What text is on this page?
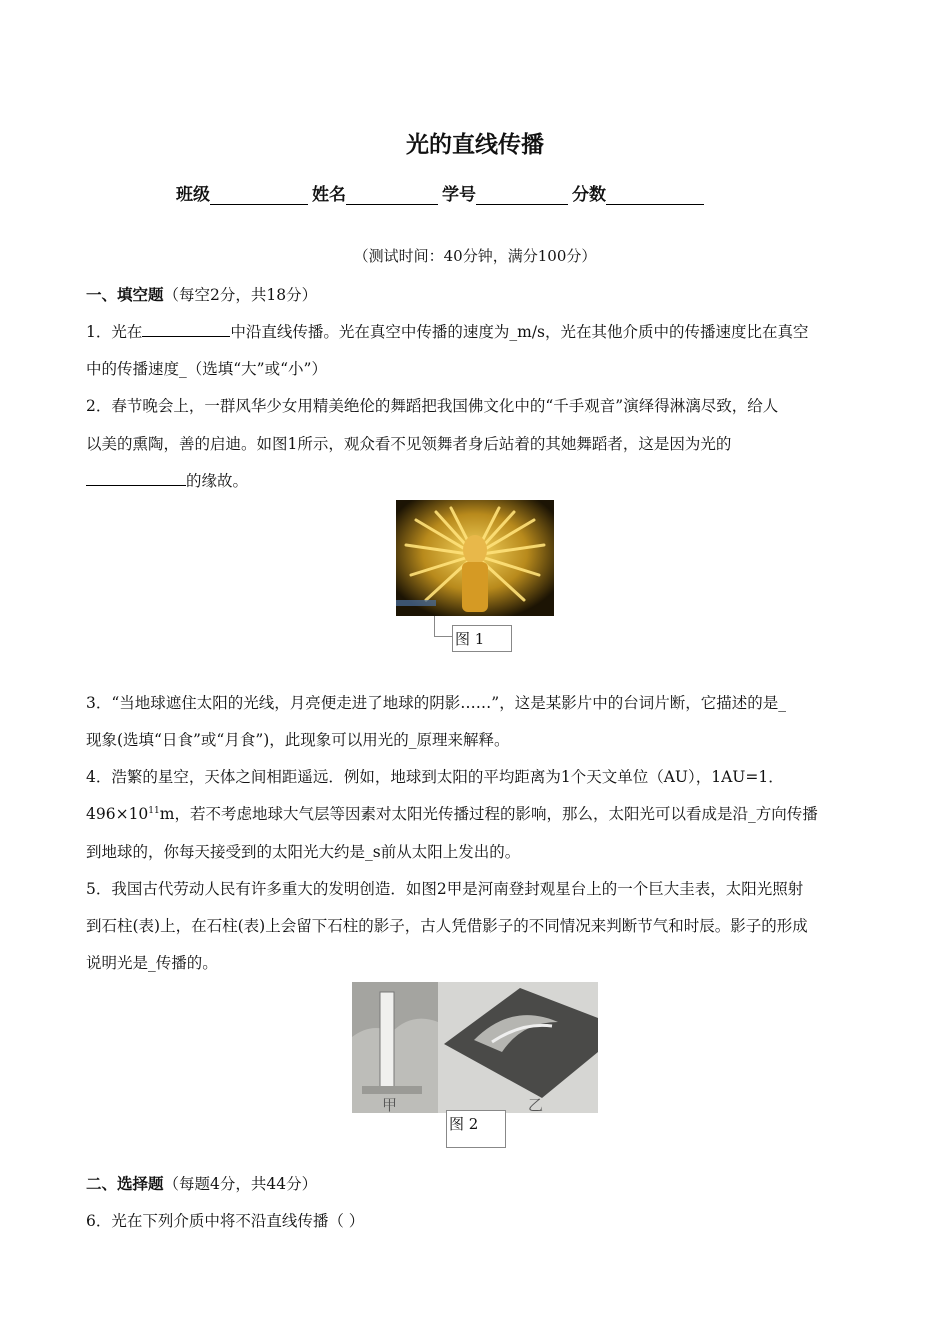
光的直线传播
班级	姓名	学号	分数
（测试时间：40分钟，满分100分）
一、填空题（每空2分，共18分）
1．光在	中沿直线传播。光在真空中传播的速度为_m/s，光在其他介质中的传播速度比在真空
中的传播速度_（选填“大”或“小”）
2．春节晚会上，一群风华少女用精美绝伦的舞蹈把我国佛文化中的“千手观音”演绎得淋漓尽致，给人
以美的熏陶，善的启迪。如图1所示，观众看不见领舞者身后站着的其她舞蹈者，这是因为光的
的缘故。
图 1
3．“当地球遮住太阳的光线，月亮便走进了地球的阴影……”，这是某影片中的台词片断，它描述的是_
现象(选填“日食”或“月食”)，此现象可以用光的_原理来解释。
4．浩繁的星空，天体之间相距遥远．例如，地球到太阳的平均距离为1个天文单位（AU），1AU=1．
$496\times 10^{11}m$，若不考虑地球大气层等因素对太阳光传播过程的影响，那么，太阳光可以看成是沿_方向传播
到地球的，你每天接受到的太阳光大约是_s前从太阳上发出的。
5．我国古代劳动人民有许多重大的发明创造．如图2甲是河南登封观星台上的一个巨大圭表，太阳光照射
到石柱(表)上，在石柱(表)上会留下石柱的影子，古人凭借影子的不同情况来判断节气和时辰。影子的形成
说明光是_传播的。
甲	乙
图 2
二、选择题（每题4分，共44分）
6．光在下列介质中将不沿直线传播（ ）
